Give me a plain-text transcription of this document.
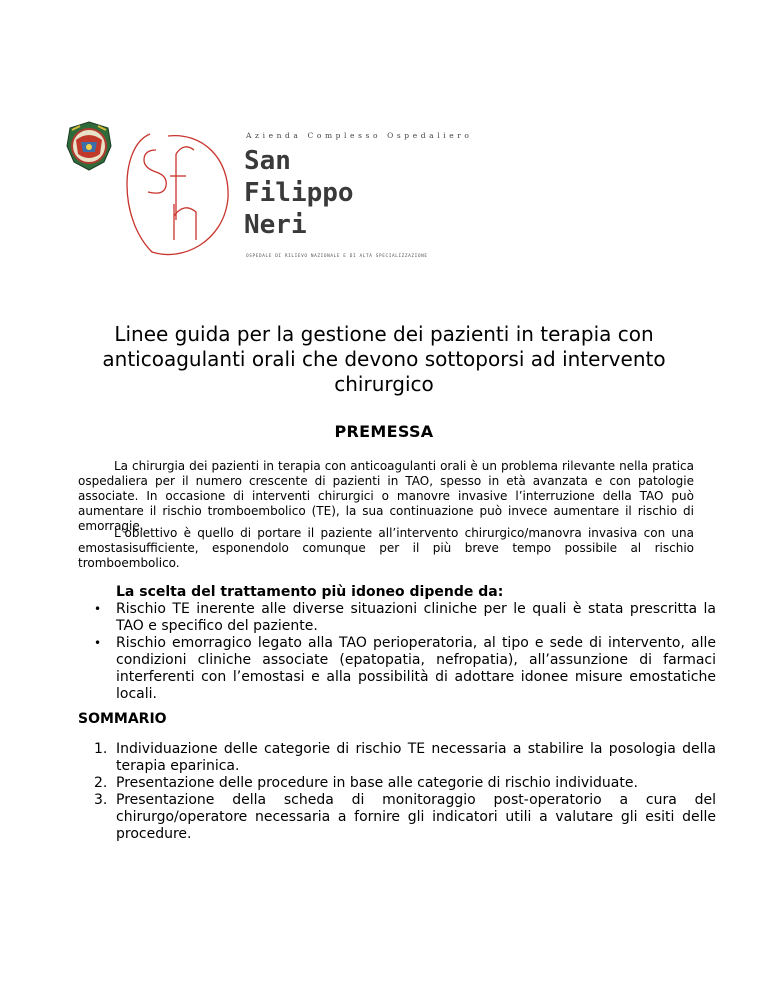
Azienda Complesso Ospedaliero
San
Filippo
Neri
OSPEDALE DI RILIEVO NAZIONALE E DI ALTA SPECIALIZZAZIONE
Linee guida per la gestione dei pazienti in terapia con anticoagulanti orali che devono sottoporsi ad intervento chirurgico
PREMESSA

La chirurgia dei pazienti in terapia con anticoagulanti orali è un problema rilevante nella pratica ospedaliera per il numero crescente di pazienti in TAO, spesso in età avanzata e con patologie associate. In occasione di interventi chirurgici o manovre invasive l’interruzione della TAO può aumentare il rischio tromboembolico (TE), la sua continuazione può invece aumentare il rischio di emorragie.

L’obiettivo è quello di portare il paziente all’intervento chirurgico/manovra invasiva con una emostasisufficiente, esponendolo comunque per il più breve tempo possibile al rischio tromboembolico.

La scelta del trattamento più idoneo dipende da:
•	Rischio TE inerente alle diverse situazioni cliniche per le quali è stata prescritta la TAO e specifico del paziente.
•	Rischio emorragico legato alla TAO perioperatoria, al tipo e sede di intervento, alle condizioni cliniche associate (epatopatia, nefropatia), all’assunzione di farmaci interferenti con l’emostasi e alla possibilità di adottare idonee misure emostatiche locali.
SOMMARIO
1. Individuazione delle categorie di rischio TE necessaria a stabilire la posologia della terapia eparinica.
2. Presentazione delle procedure in base alle categorie di rischio individuate.
3. Presentazione della scheda di monitoraggio post-operatorio a cura del chirurgo/operatore necessaria a fornire gli indicatori utili a valutare gli esiti delle procedure.
